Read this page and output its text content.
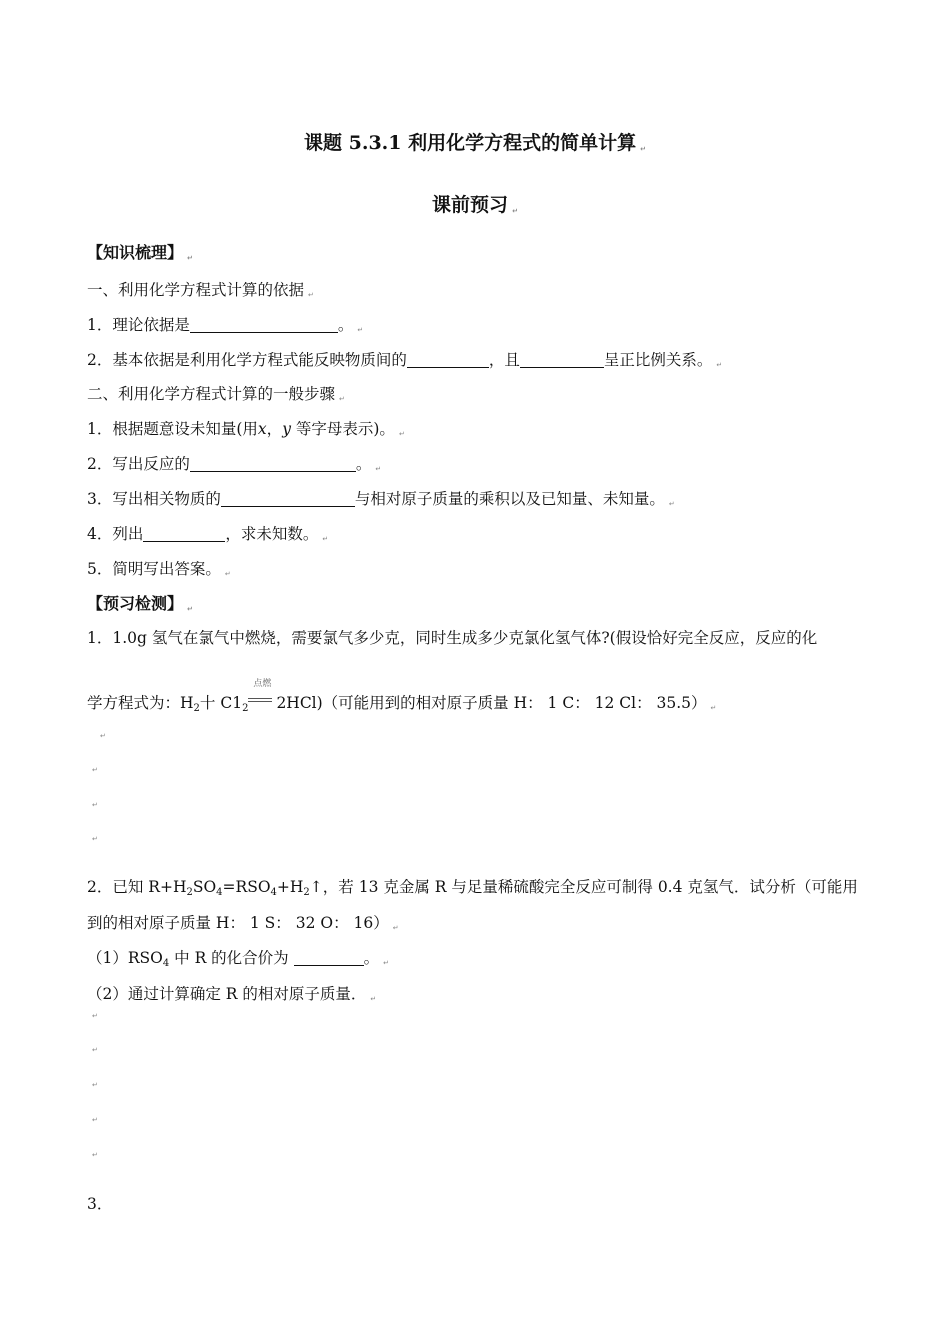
课题 5.3.1 利用化学方程式的简单计算 ↵

课前预习 ↵

【知识梳理】 ↵

一、利用化学方程式计算的依据 ↵

1．理论依据是	。 ↵

2．基本依据是利用化学方程式能反映物质间的	，且	呈正比例关系。 ↵

二、利用化学方程式计算的一般步骤 ↵

1．根据题意设未知量(用x，y 等字母表示)。 ↵

2．写出反应的	。 ↵

3．写出相关物质的	与相对原子质量的乘积以及已知量、未知量。 ↵

4．列出	，求未知数。 ↵

5．简明写出答案。 ↵

【预习检测】 ↵

1．1.0g 氢气在氯气中燃烧，需要氯气多少克，同时生成多少克氯化氢气体?(假设恰好完全反应，反应的化

学方程式为：$H_2$十 $C1_2$
点燃
2HCl)（可能用到的相对原子质量 H： 1 C： 12 Cl： 35.5） ↵

↵
↵
↵
↵

2．已知 $R+H_2SO_4=RSO_4+H_2↑$，若 13 克金属 R 与足量稀硫酸完全反应可制得 0.4 克氢气．试分析（可能用

到的相对原子质量 H： 1 S： 32 O： 16） ↵

$(1)RSO_4$ 中 R 的化合价为	。 ↵

（2）通过计算确定 R 的相对原子质量． ↵

↵
↵
↵
↵
↵

3．
